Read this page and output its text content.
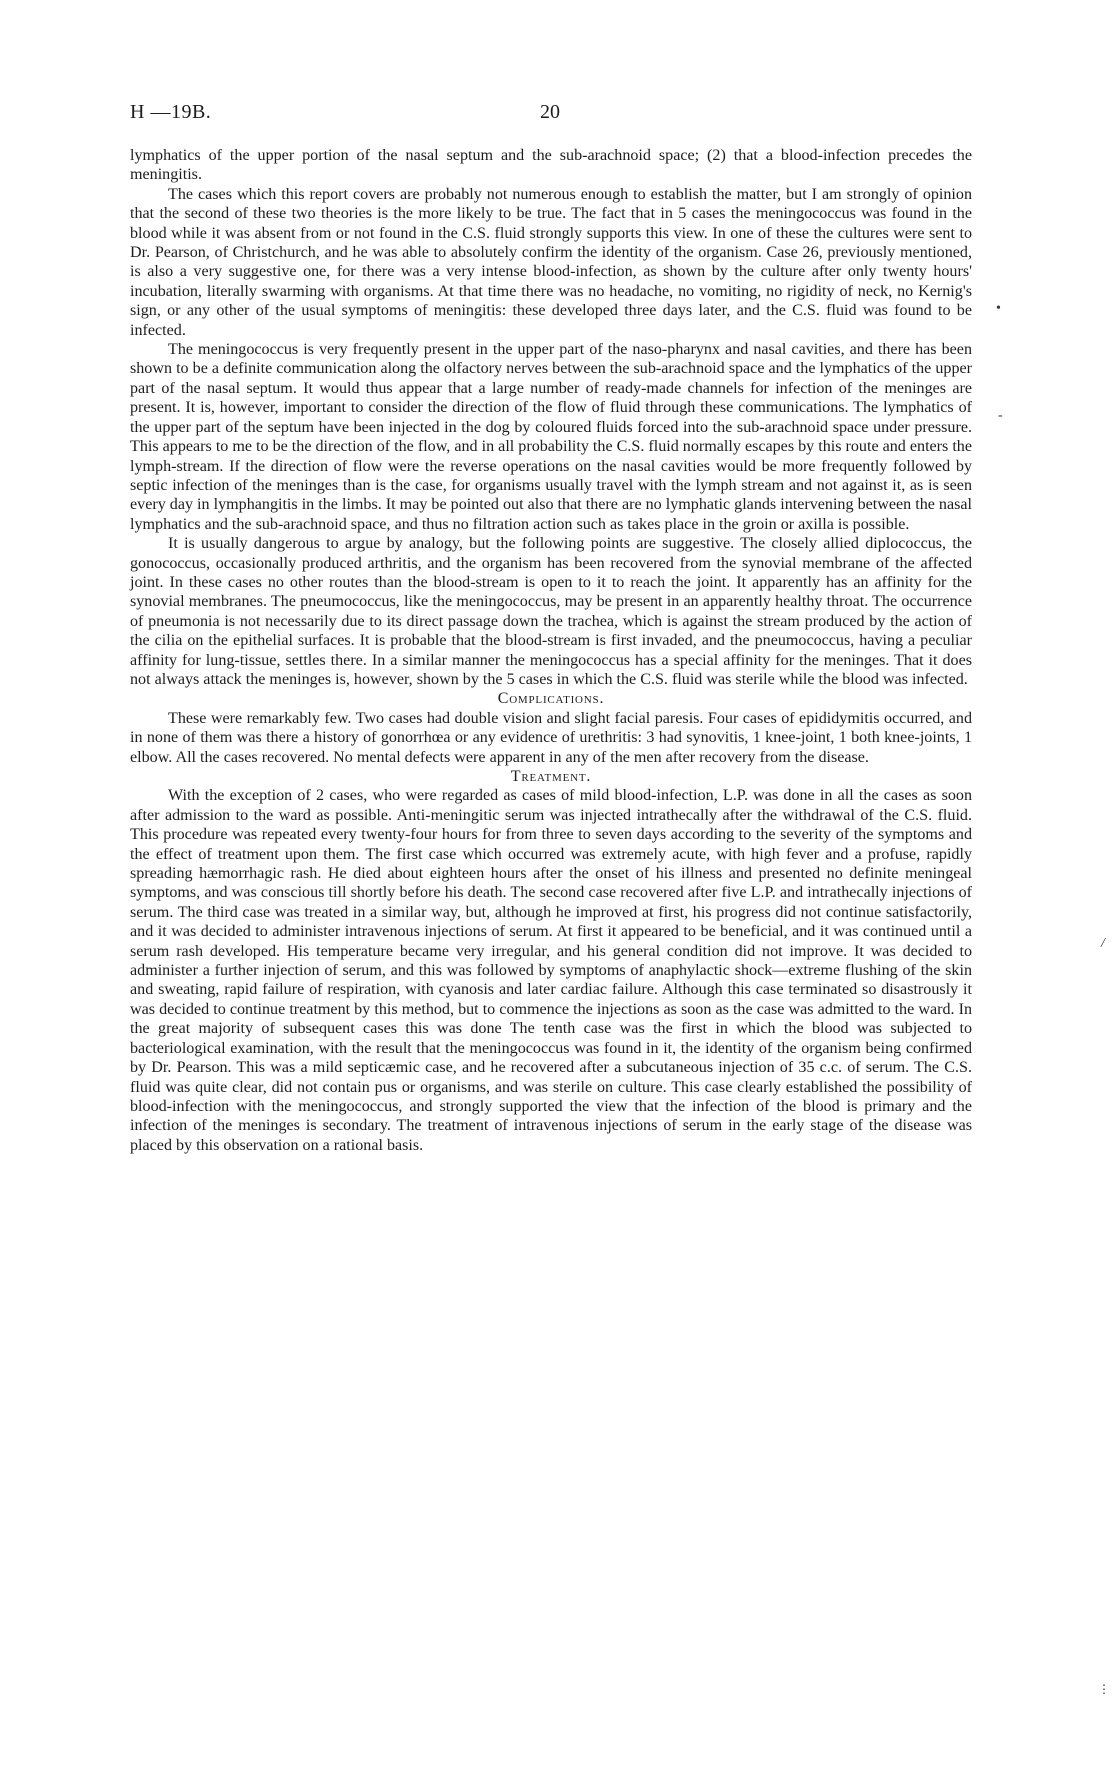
H —19B.	20

lymphatics of the upper portion of the nasal septum and the sub-arachnoid space; (2) that a blood-infection precedes the meningitis.

The cases which this report covers are probably not numerous enough to establish the matter, but I am strongly of opinion that the second of these two theories is the more likely to be true. The fact that in 5 cases the meningococcus was found in the blood while it was absent from or not found in the C.S. fluid strongly supports this view. In one of these the cultures were sent to Dr. Pearson, of Christchurch, and he was able to absolutely confirm the identity of the organism. Case 26, previously mentioned, is also a very suggestive one, for there was a very intense blood-infection, as shown by the culture after only twenty hours' incubation, literally swarming with organisms. At that time there was no headache, no vomiting, no rigidity of neck, no Kernig's sign, or any other of the usual symptoms of meningitis: these developed three days later, and the C.S. fluid was found to be infected.

The meningococcus is very frequently present in the upper part of the naso-pharynx and nasal cavities, and there has been shown to be a definite communication along the olfactory nerves between the sub-arachnoid space and the lymphatics of the upper part of the nasal septum. It would thus appear that a large number of ready-made channels for infection of the meninges are present. It is, however, important to consider the direction of the flow of fluid through these communications. The lymphatics of the upper part of the septum have been injected in the dog by coloured fluids forced into the sub-arachnoid space under pressure. This appears to me to be the direction of the flow, and in all probability the C.S. fluid normally escapes by this route and enters the lymph-stream. If the direction of flow were the reverse operations on the nasal cavities would be more frequently followed by septic infection of the meninges than is the case, for organisms usually travel with the lymph stream and not against it, as is seen every day in lymphangitis in the limbs. It may be pointed out also that there are no lymphatic glands intervening between the nasal lymphatics and the sub-arachnoid space, and thus no filtration action such as takes place in the groin or axilla is possible.

It is usually dangerous to argue by analogy, but the following points are suggestive. The closely allied diplococcus, the gonococcus, occasionally produced arthritis, and the organism has been recovered from the synovial membrane of the affected joint. In these cases no other routes than the blood-stream is open to it to reach the joint. It apparently has an affinity for the synovial membranes. The pneumococcus, like the meningococcus, may be present in an apparently healthy throat. The occurrence of pneumonia is not necessarily due to its direct passage down the trachea, which is against the stream produced by the action of the cilia on the epithelial surfaces. It is probable that the blood-stream is first invaded, and the pneumococcus, having a peculiar affinity for lung-tissue, settles there. In a similar manner the meningococcus has a special affinity for the meninges. That it does not always attack the meninges is, however, shown by the 5 cases in which the C.S. fluid was sterile while the blood was infected.

Complications.

These were remarkably few. Two cases had double vision and slight facial paresis. Four cases of epididymitis occurred, and in none of them was there a history of gonorrhœa or any evidence of urethritis: 3 had synovitis, 1 knee-joint, 1 both knee-joints, 1 elbow. All the cases recovered. No mental defects were apparent in any of the men after recovery from the disease.

Treatment.

With the exception of 2 cases, who were regarded as cases of mild blood-infection, L.P. was done in all the cases as soon after admission to the ward as possible. Anti-meningitic serum was injected intrathecally after the withdrawal of the C.S. fluid. This procedure was repeated every twenty-four hours for from three to seven days according to the severity of the symptoms and the effect of treatment upon them. The first case which occurred was extremely acute, with high fever and a profuse, rapidly spreading hæmorrhagic rash. He died about eighteen hours after the onset of his illness and presented no definite meningeal symptoms, and was conscious till shortly before his death. The second case recovered after five L.P. and intrathecally injections of serum. The third case was treated in a similar way, but, although he improved at first, his progress did not continue satisfactorily, and it was decided to administer intravenous injections of serum. At first it appeared to be beneficial, and it was continued until a serum rash developed. His temperature became very irregular, and his general condition did not improve. It was decided to administer a further injection of serum, and this was followed by symptoms of anaphylactic shock—extreme flushing of the skin and sweating, rapid failure of respiration, with cyanosis and later cardiac failure. Although this case terminated so disastrously it was decided to continue treatment by this method, but to commence the injections as soon as the case was admitted to the ward. In the great majority of subsequent cases this was done The tenth case was the first in which the blood was subjected to bacteriological examination, with the result that the meningococcus was found in it, the identity of the organism being confirmed by Dr. Pearson. This was a mild septicæmic case, and he recovered after a subcutaneous injection of 35 c.c. of serum. The C.S. fluid was quite clear, did not contain pus or organisms, and was sterile on culture. This case clearly established the possibility of blood-infection with the meningococcus, and strongly supported the view that the infection of the blood is primary and the infection of the meninges is secondary. The treatment of intravenous injections of serum in the early stage of the disease was placed by this observation on a rational basis.

•
-
/
⋮
